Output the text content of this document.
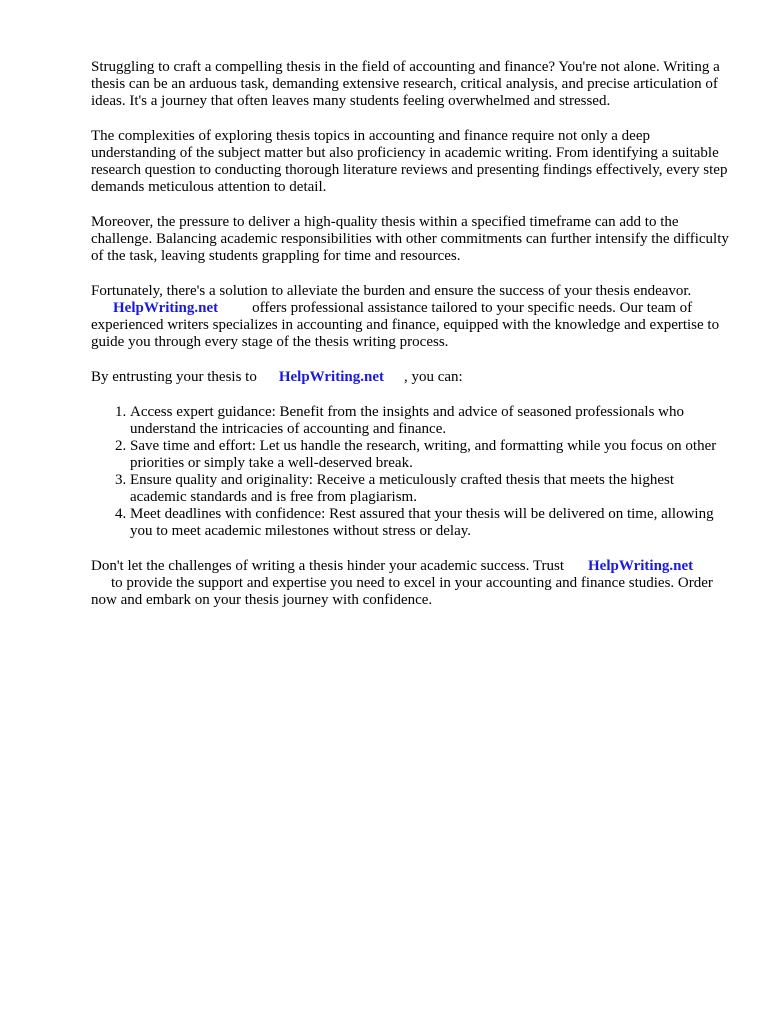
Struggling to craft a compelling thesis in the field of accounting and finance? You're not alone. Writing a thesis can be an arduous task, demanding extensive research, critical analysis, and precise articulation of ideas. It's a journey that often leaves many students feeling overwhelmed and stressed.

The complexities of exploring thesis topics in accounting and finance require not only a deep understanding of the subject matter but also proficiency in academic writing. From identifying a suitable research question to conducting thorough literature reviews and presenting findings effectively, every step demands meticulous attention to detail.

Moreover, the pressure to deliver a high-quality thesis within a specified timeframe can add to the challenge. Balancing academic responsibilities with other commitments can further intensify the difficulty of the task, leaving students grappling for time and resources.

Fortunately, there's a solution to alleviate the burden and ensure the success of your thesis endeavor.
HelpWriting.net offers professional assistance tailored to your specific needs. Our team of experienced writers specializes in accounting and finance, equipped with the knowledge and expertise to guide you through every stage of the thesis writing process.

By entrusting your thesis to HelpWriting.net , you can:

1. Access expert guidance: Benefit from the insights and advice of seasoned professionals who understand the intricacies of accounting and finance.
2. Save time and effort: Let us handle the research, writing, and formatting while you focus on other priorities or simply take a well-deserved break.
3. Ensure quality and originality: Receive a meticulously crafted thesis that meets the highest academic standards and is free from plagiarism.
4. Meet deadlines with confidence: Rest assured that your thesis will be delivered on time, allowing you to meet academic milestones without stress or delay.

Don't let the challenges of writing a thesis hinder your academic success. Trust HelpWriting.net
to provide the support and expertise you need to excel in your accounting and finance studies. Order now and embark on your thesis journey with confidence.
